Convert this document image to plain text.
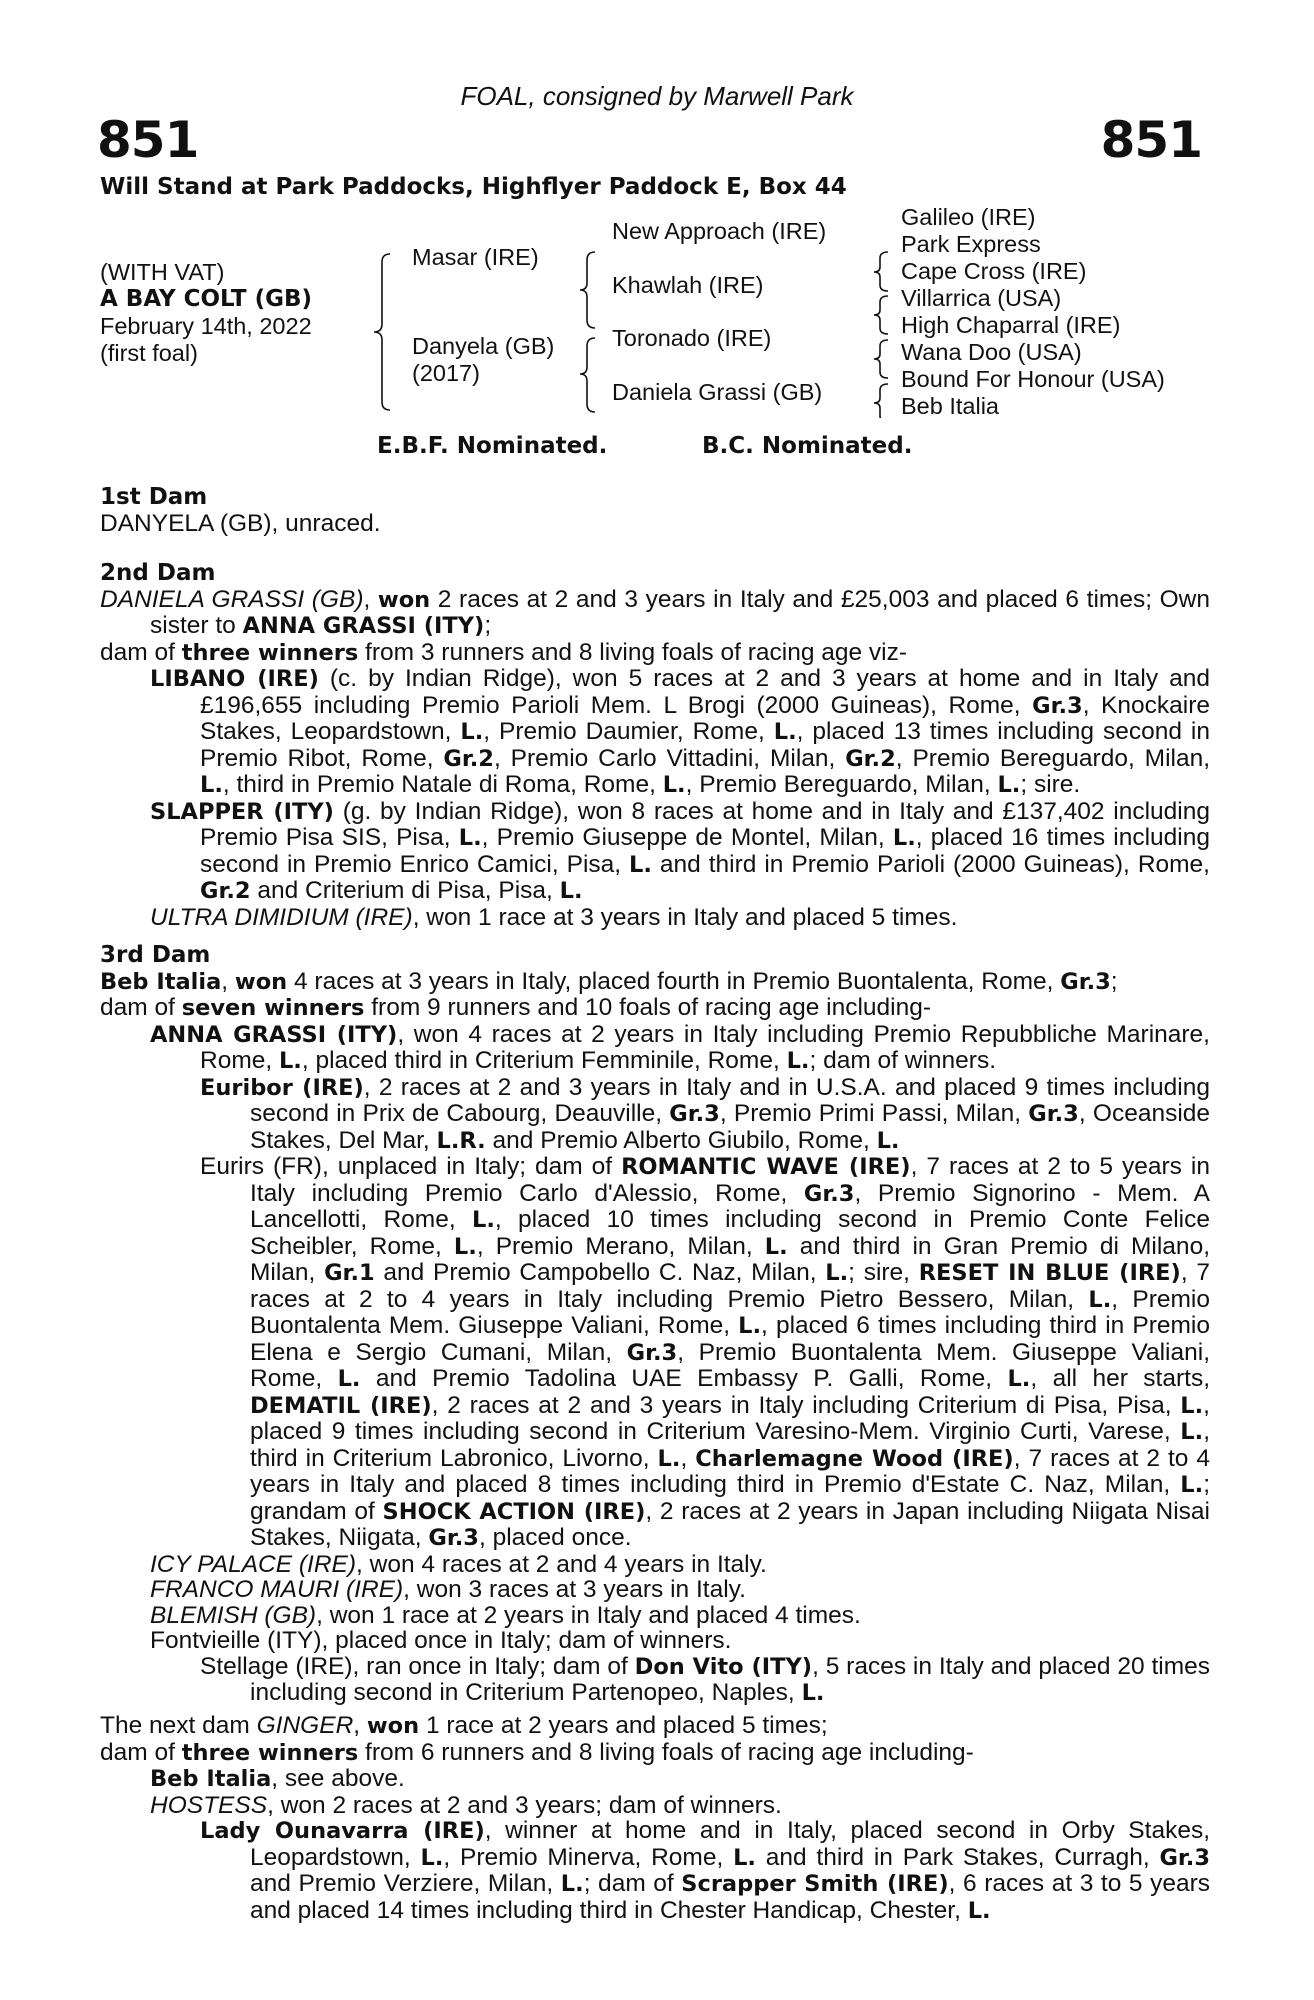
FOAL, consigned by Marwell Park
851	851
Will Stand at Park Paddocks, Highflyer Paddock E, Box 44
(WITH VAT)
A BAY COLT (GB)
February 14th, 2022
(first foal)
Masar (IRE)
Danyela (GB)
(2017)
New Approach (IRE)
Khawlah (IRE)
Toronado (IRE)
Daniela Grassi (GB)
Galileo (IRE)
Park Express
Cape Cross (IRE)
Villarrica (USA)
High Chaparral (IRE)
Wana Doo (USA)
Bound For Honour (USA)
Beb Italia
E.B.F. Nominated.	B.C. Nominated.
1st Dam
DANYELA (GB), unraced.
2nd Dam
DANIELA GRASSI (GB), won 2 races at 2 and 3 years in Italy and £25,003 and placed 6 times; Own sister to ANNA GRASSI (ITY);
dam of three winners from 3 runners and 8 living foals of racing age viz-
LIBANO (IRE) (c. by Indian Ridge), won 5 races at 2 and 3 years at home and in Italy and £196,655 including Premio Parioli Mem. L Brogi (2000 Guineas), Rome, Gr.3, Knockaire Stakes, Leopardstown, L., Premio Daumier, Rome, L., placed 13 times including second in Premio Ribot, Rome, Gr.2, Premio Carlo Vittadini, Milan, Gr.2, Premio Bereguardo, Milan, L., third in Premio Natale di Roma, Rome, L., Premio Bereguardo, Milan, L.; sire.
SLAPPER (ITY) (g. by Indian Ridge), won 8 races at home and in Italy and £137,402 including Premio Pisa SIS, Pisa, L., Premio Giuseppe de Montel, Milan, L., placed 16 times including second in Premio Enrico Camici, Pisa, L. and third in Premio Parioli (2000 Guineas), Rome, Gr.2 and Criterium di Pisa, Pisa, L.
ULTRA DIMIDIUM (IRE), won 1 race at 3 years in Italy and placed 5 times.
3rd Dam
Beb Italia, won 4 races at 3 years in Italy, placed fourth in Premio Buontalenta, Rome, Gr.3;
dam of seven winners from 9 runners and 10 foals of racing age including-
ANNA GRASSI (ITY), won 4 races at 2 years in Italy including Premio Repubbliche Marinare, Rome, L., placed third in Criterium Femminile, Rome, L.; dam of winners.
Euribor (IRE), 2 races at 2 and 3 years in Italy and in U.S.A. and placed 9 times including second in Prix de Cabourg, Deauville, Gr.3, Premio Primi Passi, Milan, Gr.3, Oceanside Stakes, Del Mar, L.R. and Premio Alberto Giubilo, Rome, L.
Eurirs (FR), unplaced in Italy; dam of ROMANTIC WAVE (IRE), 7 races at 2 to 5 years in Italy including Premio Carlo d'Alessio, Rome, Gr.3, Premio Signorino - Mem. A Lancellotti, Rome, L., placed 10 times including second in Premio Conte Felice Scheibler, Rome, L., Premio Merano, Milan, L. and third in Gran Premio di Milano, Milan, Gr.1 and Premio Campobello C. Naz, Milan, L.; sire, RESET IN BLUE (IRE), 7 races at 2 to 4 years in Italy including Premio Pietro Bessero, Milan, L., Premio Buontalenta Mem. Giuseppe Valiani, Rome, L., placed 6 times including third in Premio Elena e Sergio Cumani, Milan, Gr.3, Premio Buontalenta Mem. Giuseppe Valiani, Rome, L. and Premio Tadolina UAE Embassy P. Galli, Rome, L., all her starts, DEMATIL (IRE), 2 races at 2 and 3 years in Italy including Criterium di Pisa, Pisa, L., placed 9 times including second in Criterium Varesino-Mem. Virginio Curti, Varese, L., third in Criterium Labronico, Livorno, L., Charlemagne Wood (IRE), 7 races at 2 to 4 years in Italy and placed 8 times including third in Premio d'Estate C. Naz, Milan, L.; grandam of SHOCK ACTION (IRE), 2 races at 2 years in Japan including Niigata Nisai Stakes, Niigata, Gr.3, placed once.
ICY PALACE (IRE), won 4 races at 2 and 4 years in Italy.
FRANCO MAURI (IRE), won 3 races at 3 years in Italy.
BLEMISH (GB), won 1 race at 2 years in Italy and placed 4 times.
Fontvieille (ITY), placed once in Italy; dam of winners.
Stellage (IRE), ran once in Italy; dam of Don Vito (ITY), 5 races in Italy and placed 20 times including second in Criterium Partenopeo, Naples, L.
The next dam GINGER, won 1 race at 2 years and placed 5 times;
dam of three winners from 6 runners and 8 living foals of racing age including-
Beb Italia, see above.
HOSTESS, won 2 races at 2 and 3 years; dam of winners.
Lady Ounavarra (IRE), winner at home and in Italy, placed second in Orby Stakes, Leopardstown, L., Premio Minerva, Rome, L. and third in Park Stakes, Curragh, Gr.3 and Premio Verziere, Milan, L.; dam of Scrapper Smith (IRE), 6 races at 3 to 5 years and placed 14 times including third in Chester Handicap, Chester, L.
